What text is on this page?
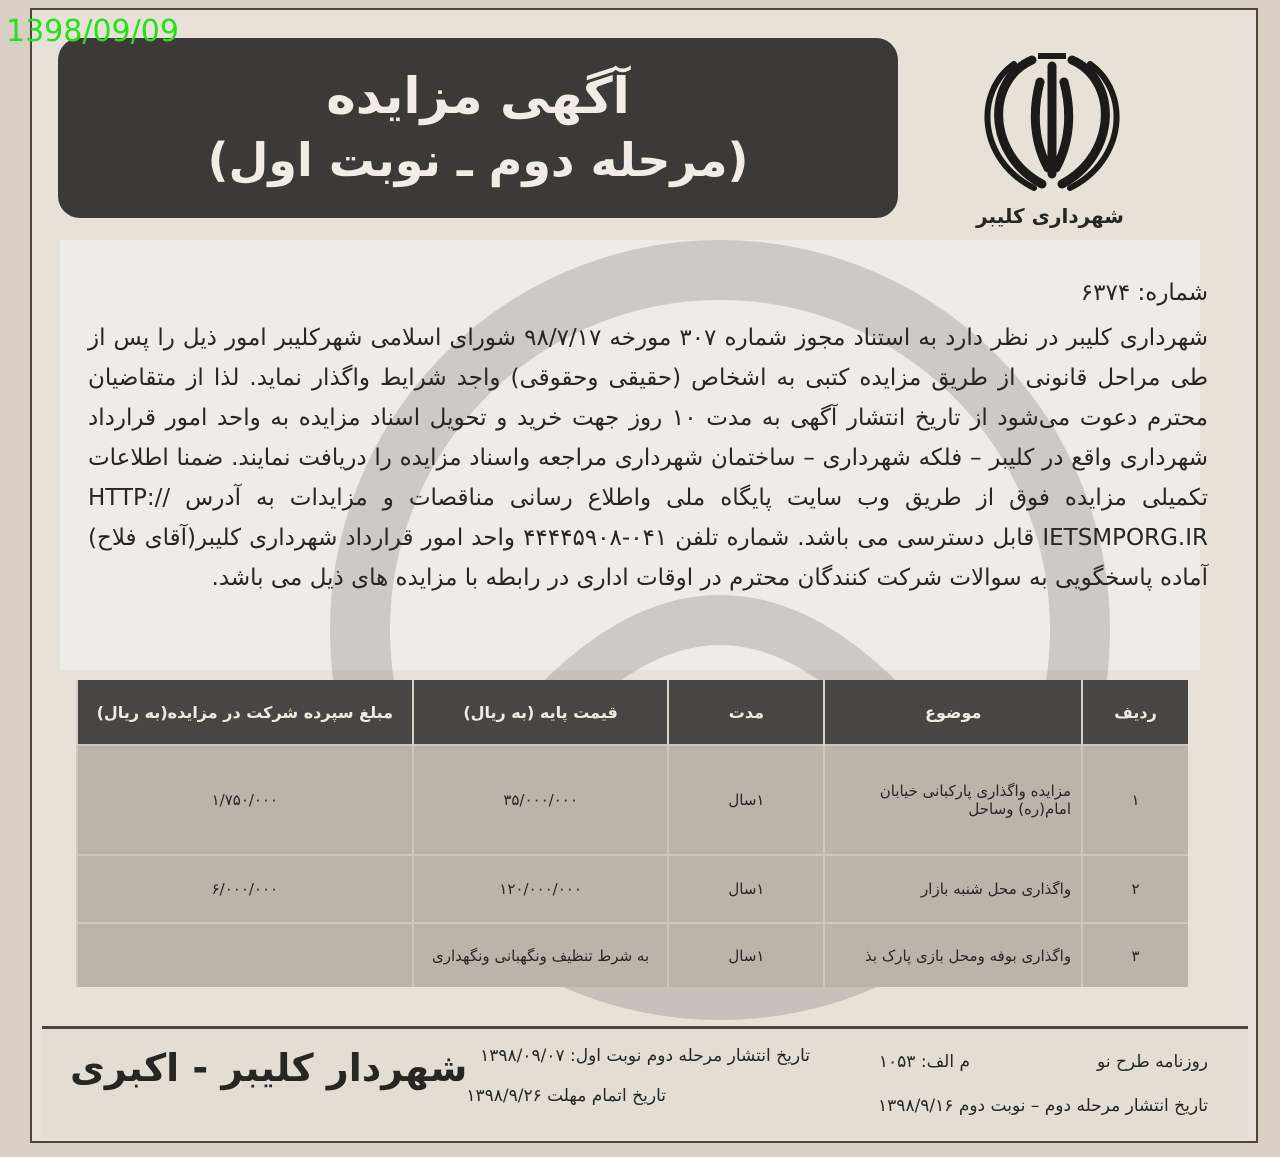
1398/09/09
آگهی مزایده
(مرحله دوم ـ نوبت اول)
شهرداری کلیبر
شماره: ۶۳۷۴
شهرداری کلیبر در نظر دارد به استناد مجوز شماره ۳۰۷ مورخه ۹۸/۷/۱۷ شورای اسلامی شهرکلیبر امور ذیل را پس از طی مراحل قانونی از طریق مزایده کتبی به اشخاص (حقیقی وحقوقی) واجد شرایط واگذار نماید. لذا از متقاضیان محترم دعوت می‌شود از تاریخ انتشار آگهی به مدت ۱۰ روز جهت خرید و تحویل اسناد مزایده به واحد امور قرارداد شهرداری واقع در کلیبر – فلکه شهرداری – ساختمان شهرداری مراجعه واسناد مزایده را دریافت نمایند. ضمنا اطلاعات تکمیلی مزایده فوق از طریق وب سایت پایگاه ملی واطلاع رسانی مناقصات و مزایدات به آدرس HTTP:// IETSMPORG.IR قابل دسترسی می باشد. شماره تلفن ۰۴۱-۴۴۴۴۵۹۰۸ واحد امور قرارداد شهرداری کلیبر(آقای فلاح) آماده پاسخگویی به سوالات شرکت کنندگان محترم در اوقات اداری در رابطه با مزایده های ذیل می باشد.
ردیف	موضوع	مدت	قیمت پایه (به ریال)	مبلغ سپرده شرکت در مزایده(به ریال)
۱	مزایده واگذاری پارکبانی خیابان امام(ره) وساحل	۱سال	۳۵/۰۰۰/۰۰۰	۱/۷۵۰/۰۰۰
۲	واگذاری محل شنبه بازار	۱سال	۱۲۰/۰۰۰/۰۰۰	۶/۰۰۰/۰۰۰
۳	واگذاری بوفه ومحل بازی پارک بذ	۱سال	به شرط تنظیف ونگهبانی ونگهداری	
شهردار کلیبر - اکبری	روزنامه طرح نو
م الف: ۱۰۵۳
تاریخ انتشار مرحله دوم نوبت اول: ۱۳۹۸/۰۹/۰۷
تاریخ انتشار مرحله دوم – نوبت دوم ۱۳۹۸/۹/۱۶
تاریخ اتمام مهلت ۱۳۹۸/۹/۲۶
